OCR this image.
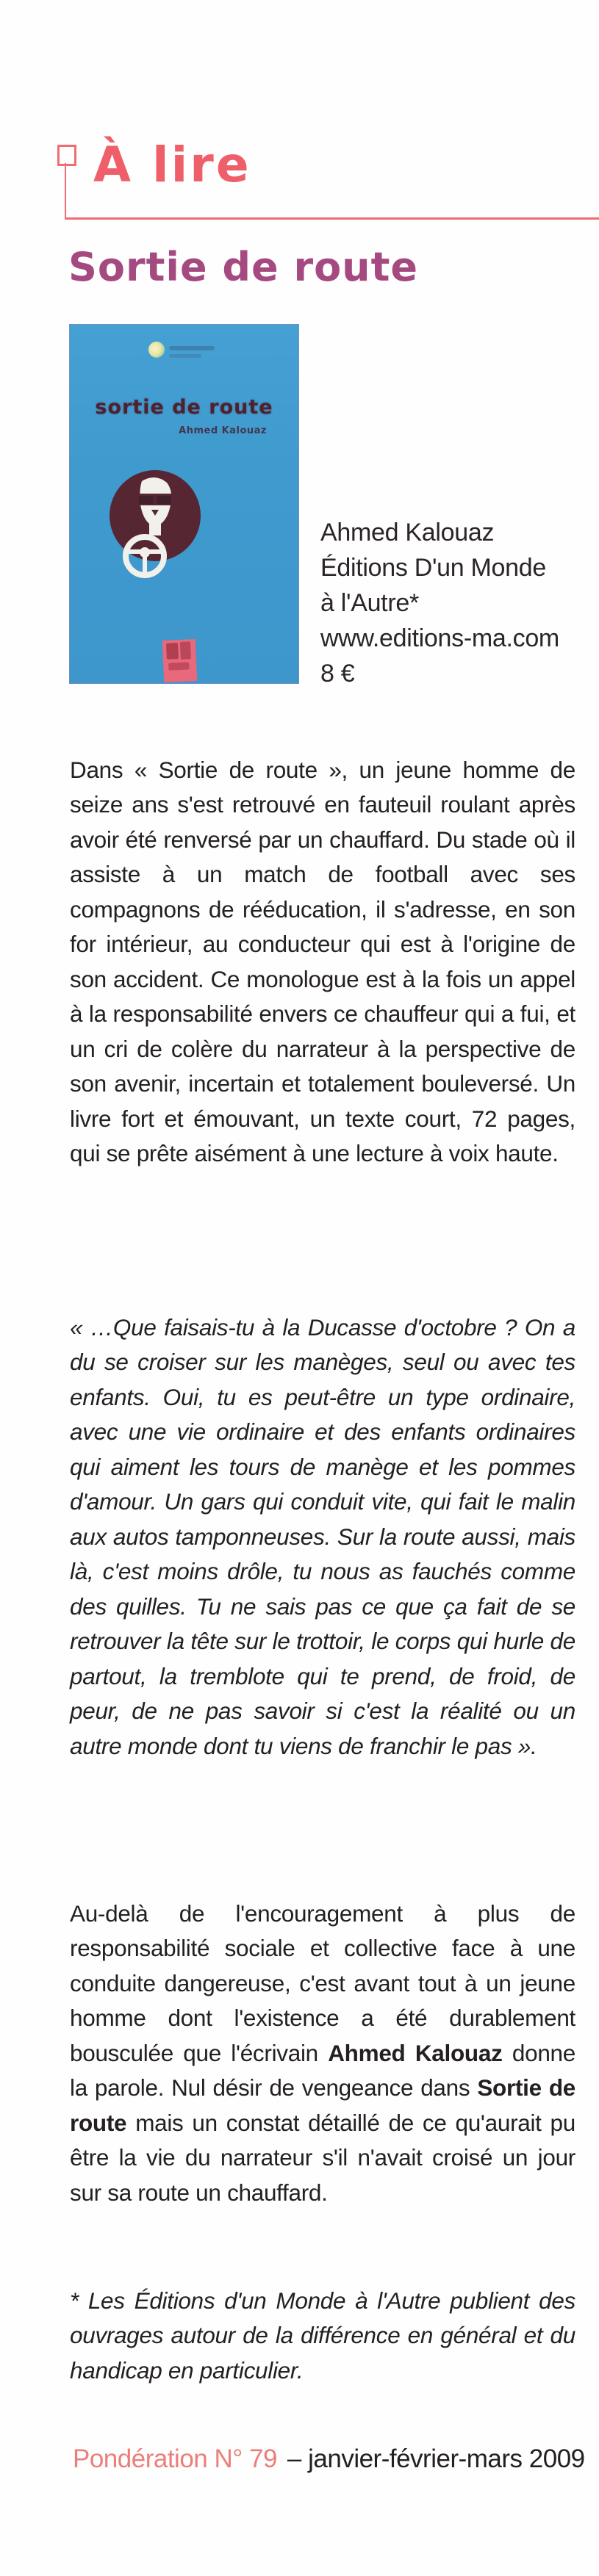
À lire
Sortie de route
sortie de route
Ahmed Kalouaz
Ahmed Kalouaz
Éditions D'un Monde
à l'Autre*
www.editions-ma.com
8 €

Dans « Sortie de route », un jeune homme de seize ans s'est retrouvé en fauteuil roulant après avoir été renversé par un chauffard. Du stade où il assiste à un match de football avec ses compagnons de rééducation, il s'adresse, en son for intérieur, au conducteur qui est à l'origine de son accident. Ce monologue est à la fois un appel à la responsabilité envers ce chauffeur qui a fui, et un cri de colère du narrateur à la perspective de son avenir, incertain et totalement bouleversé. Un livre fort et émouvant, un texte court, 72 pages, qui se prête aisément à une lecture à voix haute.

« …Que faisais-tu à la Ducasse d'octobre ? On a du se croiser sur les manèges, seul ou avec tes enfants. Oui, tu es peut-être un type ordinaire, avec une vie ordinaire et des enfants ordinaires qui aiment les tours de manège et les pommes d'amour. Un gars qui conduit vite, qui fait le malin aux autos tamponneuses. Sur la route aussi, mais là, c'est moins drôle, tu nous as fauchés comme des quilles. Tu ne sais pas ce que ça fait de se retrouver la tête sur le trottoir, le corps qui hurle de partout, la tremblote qui te prend, de froid, de peur, de ne pas savoir si c'est la réalité ou un autre monde dont tu viens de franchir le pas ».

Au-delà de l'encouragement à plus de responsabilité sociale et collective face à une conduite dangereuse, c'est avant tout à un jeune homme dont l'existence a été durablement bousculée que l'écrivain Ahmed Kalouaz donne la parole. Nul désir de vengeance dans Sortie de route mais un constat détaillé de ce qu'aurait pu être la vie du narrateur s'il n'avait croisé un jour sur sa route un chauffard.

* Les Éditions d'un Monde à l'Autre publient des ouvrages autour de la différence en général et du handicap en particulier.

Pondération N° 79 – janvier-février-mars 2009
